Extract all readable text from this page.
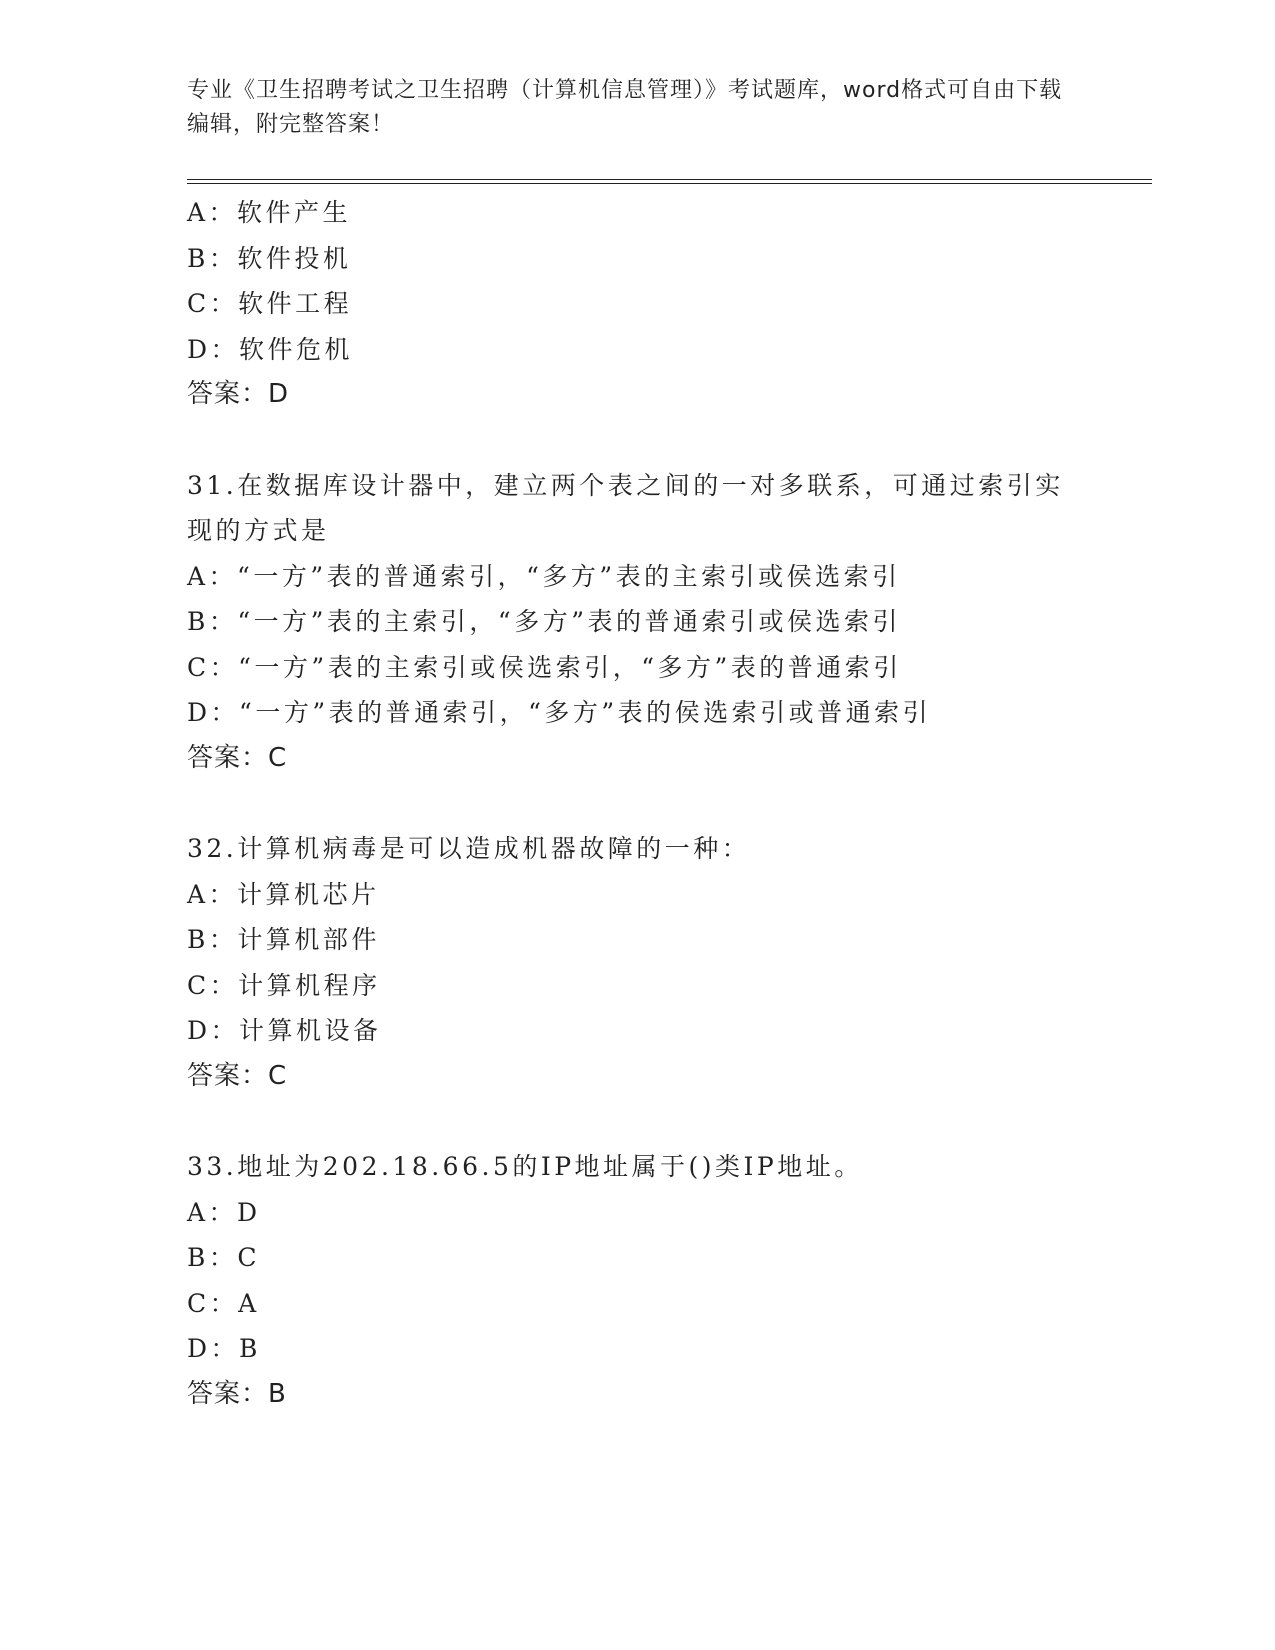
专业《卫生招聘考试之卫生招聘（计算机信息管理）》考试题库，word格式可自由下载编辑，附完整答案！
A：软件产生
B：软件投机
C：软件工程
D：软件危机
答案：D
31.在数据库设计器中，建立两个表之间的一对多联系，可通过索引实现的方式是
A：“一方”表的普通索引，“多方”表的主索引或侯选索引
B：“一方”表的主索引，“多方”表的普通索引或侯选索引
C：“一方”表的主索引或侯选索引，“多方”表的普通索引
D：“一方”表的普通索引，“多方”表的侯选索引或普通索引
答案：C
32.计算机病毒是可以造成机器故障的一种：
A：计算机芯片
B：计算机部件
C：计算机程序
D：计算机设备
答案：C
33.地址为202.18.66.5的IP地址属于()类IP地址。
A：D
B：C
C：A
D：B
答案：B
